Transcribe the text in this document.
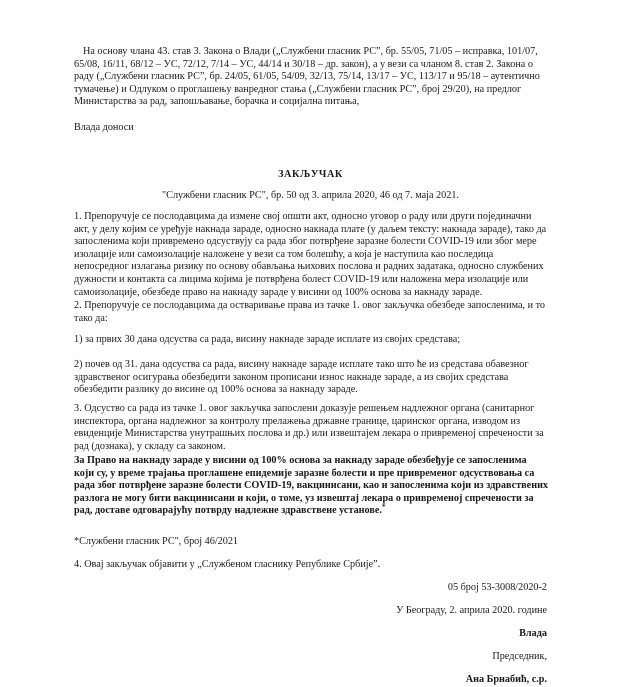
На основу члана 43. став 3. Закона о Влади („Службени гласник РС”, бр. 55/05, 71/05 – исправка, 101/07, 65/08, 16/11, 68/12 – УС, 72/12, 7/14 – УС, 44/14 и 30/18 – др. закон), а у вези са чланом 8. став 2. Закона о раду („Службени гласник РС”, бр. 24/05, 61/05, 54/09, 32/13, 75/14, 13/17 – УС, 113/17 и 95/18 – аутентично тумачење) и Одлуком о проглашењу ванредног стања („Службени гласник РС”, број 29/20), на предлог Министарства за рад, запошљавање, борачка и социјална питања,

Влада доноси

ЗАКЉУЧАК

"Службени гласник РС", бр. 50 од 3. априла 2020, 46 од 7. маја 2021.

1. Препоручује се послодавцима да измене свој општи акт, односно уговор о раду или други појединачни акт, у делу којим се уређује накнада зараде, односно накнада плате (у даљем тексту: накнада зараде), тако да запосленима који привремено одсуствују са рада због потврђене заразне болести COVID-19 или због мере изолације или самоизолације наложене у вези са том болешћу, а која је наступила као последица непосредног излагања ризику по основу обављања њихових послова и радних задатака, односно службених дужности и контакта са лицима којима је потврђена болест COVID-19 или наложена мера изолације или самоизолације, обезбеде право на накнаду зараде у висини од 100% основа за накнаду зараде.

2. Препоручује се послодавцима да остваривање права из тачке 1. овог закључка обезбеде запосленима, и то тако да:

1) за првих 30 дана одсуства са рада, висину накнаде зараде исплате из својих средстава;

2) почев од 31. дана одсуства са рада, висину накнаде зараде исплате тако што ће из средстава обавезног здравственог осигурања обезбедити законом прописани износ накнаде зараде, а из својих средстава обезбедити разлику до висине од 100% основа за накнаду зараде.

3. Одсуство са рада из тачке 1. овог закључка запослени доказује решењем надлежног органа (санитарног инспектора, органа надлежног за контролу прелажења државне границе, царинског органа, изводом из евиденције Министарства унутрашњих послова и др.) или извештајем лекара о привременој спречености за рад (дознака), у складу са законом.

За Право на накнаду зараде у висини од 100% основа за накнаду зараде обезбеђује се запосленима који су, у време трајања проглашене епидемије заразне болести и пре привременог одсуствовања са рада због потврђене заразне болести COVID-19, вакцинисани, као и запосленима који из здравствених разлога не могу бити вакцинисани и који, о томе, уз извештај лекара о привременој спречености за рад, доставе одговарајућу потврду надлежне здравствене установе.*

*Службени гласник РС", број 46/2021

4. Овај закључак објавити у „Службеном гласнику Републике Србије”.

05 број 53-3008/2020-2

У Београду, 2. априла 2020. године

Влада

Председник,

Ана Брнабић, с.р.
